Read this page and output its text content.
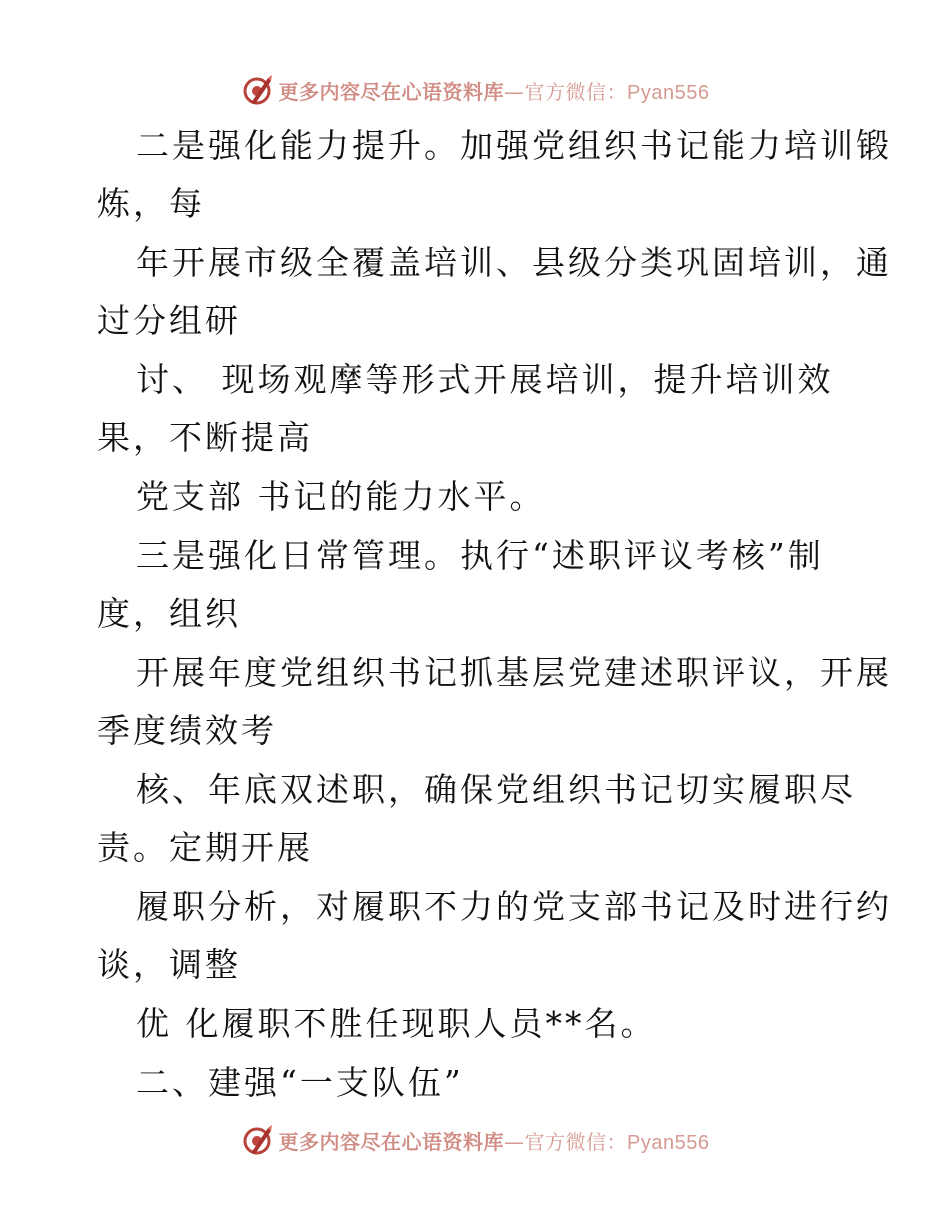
更多内容尽在心语资料库—官方微信：Pyan556
二是强化能力提升。加强党组织书记能力培训锻
炼，每
年开展市级全覆盖培训、县级分类巩固培训，通
过分组研
讨、 现场观摩等形式开展培训，提升培训效
果，不断提高
党支部 书记的能力水平。
三是强化日常管理。执行“述职评议考核”制
度，组织
开展年度党组织书记抓基层党建述职评议，开展
季度绩效考
核、年底双述职，确保党组织书记切实履职尽
责。定期开展
履职分析，对履职不力的党支部书记及时进行约
谈，调整
优 化履职不胜任现职人员**名。
二、建强“一支队伍”
更多内容尽在心语资料库—官方微信：Pyan556
